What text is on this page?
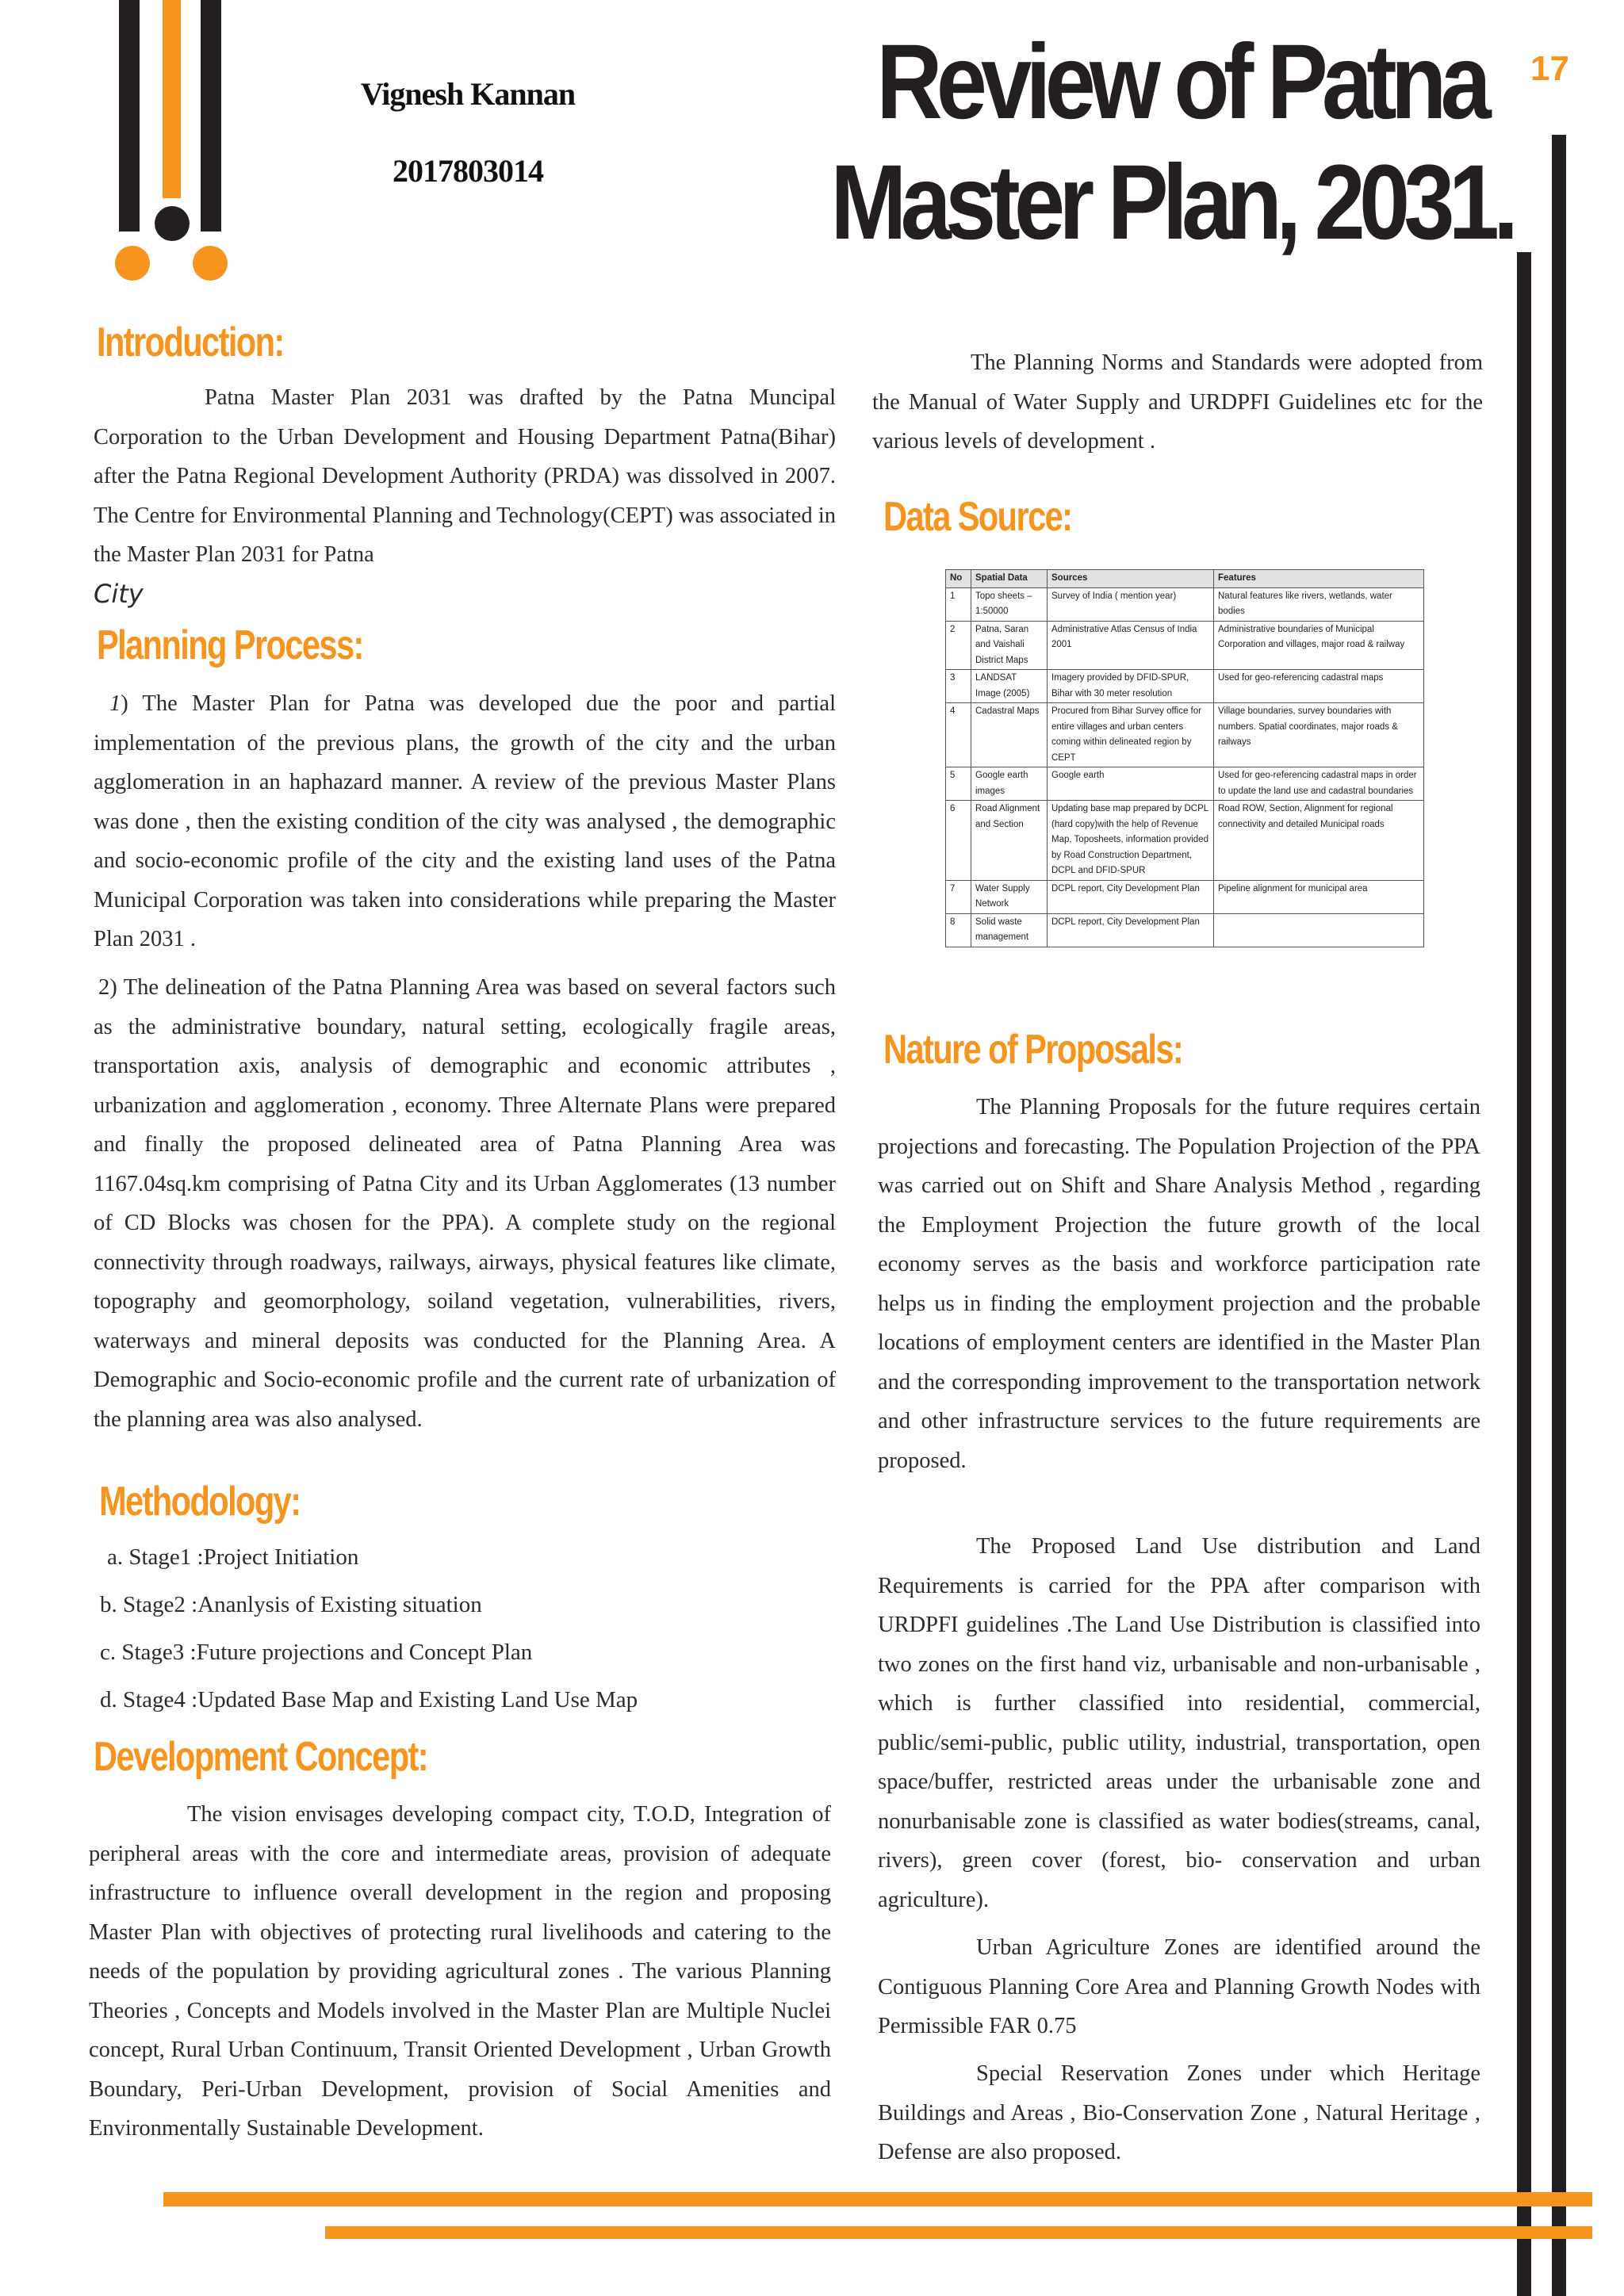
Vignesh Kannan
2017803014
Review of Patna
Master Plan, 2031.
17
Introduction:

Patna Master Plan 2031 was drafted by the Patna Muncipal Corporation to the Urban Development and Housing Department Patna(Bihar) after the Patna Regional Development Authority (PRDA) was dissolved in 2007. The Centre for Environmental Planning and Technology(CEPT) was associated in the Master Plan 2031 for Patna
City

Planning Process:

1) The Master Plan for Patna was developed due the poor and partial implementation of the previous plans, the growth of the city and the urban agglomeration in an haphazard manner. A review of the previous Master Plans was done , then the existing condition of the city was analysed , the demographic and socio-economic profile of the city and the existing land uses of the Patna Municipal Corporation was taken into considerations while preparing the Master Plan 2031 .

2) The delineation of the Patna Planning Area was based on several factors such as the administrative boundary, natural setting, ecologically fragile areas, transportation axis, analysis of demographic and economic attributes , urbanization and agglomeration , economy. Three Alternate Plans were prepared and finally the proposed delineated area of Patna Planning Area was 1167.04sq.km comprising of Patna City and its Urban Agglomerates (13 number of CD Blocks was chosen for the PPA). A complete study on the regional connectivity through roadways, railways, airways, physical features like climate, topography and geomorphology, soiland vegetation, vulnerabilities, rivers, waterways and mineral deposits was conducted for the Planning Area. A Demographic and Socio-economic profile and the current rate of urbanization of the planning area was also analysed.

Methodology:
a. Stage1 :Project Initiation
b. Stage2 :Ananlysis of Existing situation
c. Stage3 :Future projections and Concept Plan
d. Stage4 :Updated Base Map and Existing Land Use Map
Development Concept:

The vision envisages developing compact city, T.O.D, Integration of peripheral areas with the core and intermediate areas, provision of adequate infrastructure to influence overall development in the region and proposing Master Plan with objectives of protecting rural livelihoods and catering to the needs of the population by providing agricultural zones . The various Planning Theories , Concepts and Models involved in the Master Plan are Multiple Nuclei concept, Rural Urban Continuum, Transit Oriented Development , Urban Growth Boundary, Peri-Urban Development, provision of Social Amenities and Environmentally Sustainable Development.

The Planning Norms and Standards were adopted from the Manual of Water Supply and URDPFI Guidelines etc for the various levels of development .

Data Source:
No	Spatial Data	Sources	Features
1	Topo sheets – 1:50000	Survey of India ( mention year)	Natural features like rivers, wetlands, water bodies
2	Patna, Saran and Vaishali District Maps	Administrative Atlas Census of India 2001	Administrative boundaries of Municipal Corporation and villages, major road & railway
3	LANDSAT Image (2005)	Imagery provided by DFID-SPUR, Bihar with 30 meter resolution	Used for geo-referencing cadastral maps
4	Cadastral Maps	Procured from Bihar Survey office for entire villages and urban centers coming within delineated region by CEPT	Village boundaries, survey boundaries with numbers. Spatial coordinates, major roads & railways
5	Google earth images	Google earth	Used for geo-referencing cadastral maps in order to update the land use and cadastral boundaries
6	Road Alignment and Section	Updating base map prepared by DCPL (hard copy)with the help of Revenue Map, Toposheets, information provided by Road Construction Department, DCPL and DFID-SPUR	Road ROW, Section, Alignment for regional connectivity and detailed Municipal roads
7	Water Supply Network	DCPL report, City Development Plan	Pipeline alignment for municipal area
8	Solid waste management	DCPL report, City Development Plan	
Nature of Proposals:

The Planning Proposals for the future requires certain projections and forecasting. The Population Projection of the PPA was carried out on Shift and Share Analysis Method , regarding the Employment Projection the future growth of the local economy serves as the basis and workforce participation rate helps us in finding the employment projection and the probable locations of employment centers are identified in the Master Plan and the corresponding improvement to the transportation network and other infrastructure services to the future requirements are proposed.

The Proposed Land Use distribution and Land Requirements is carried for the PPA after comparison with URDPFI guidelines .The Land Use Distribution is classified into two zones on the first hand viz, urbanisable and non-urbanisable , which is further classified into residential, commercial, public/semi-public, public utility, industrial, transportation, open space/buffer, restricted areas under the urbanisable zone and nonurbanisable zone is classified as water bodies(streams, canal, rivers), green cover (forest, bio- conservation and urban agriculture).

Urban Agriculture Zones are identified around the Contiguous Planning Core Area and Planning Growth Nodes with Permissible FAR 0.75

Special Reservation Zones under which Heritage Buildings and Areas , Bio-Conservation Zone , Natural Heritage , Defense are also proposed.
